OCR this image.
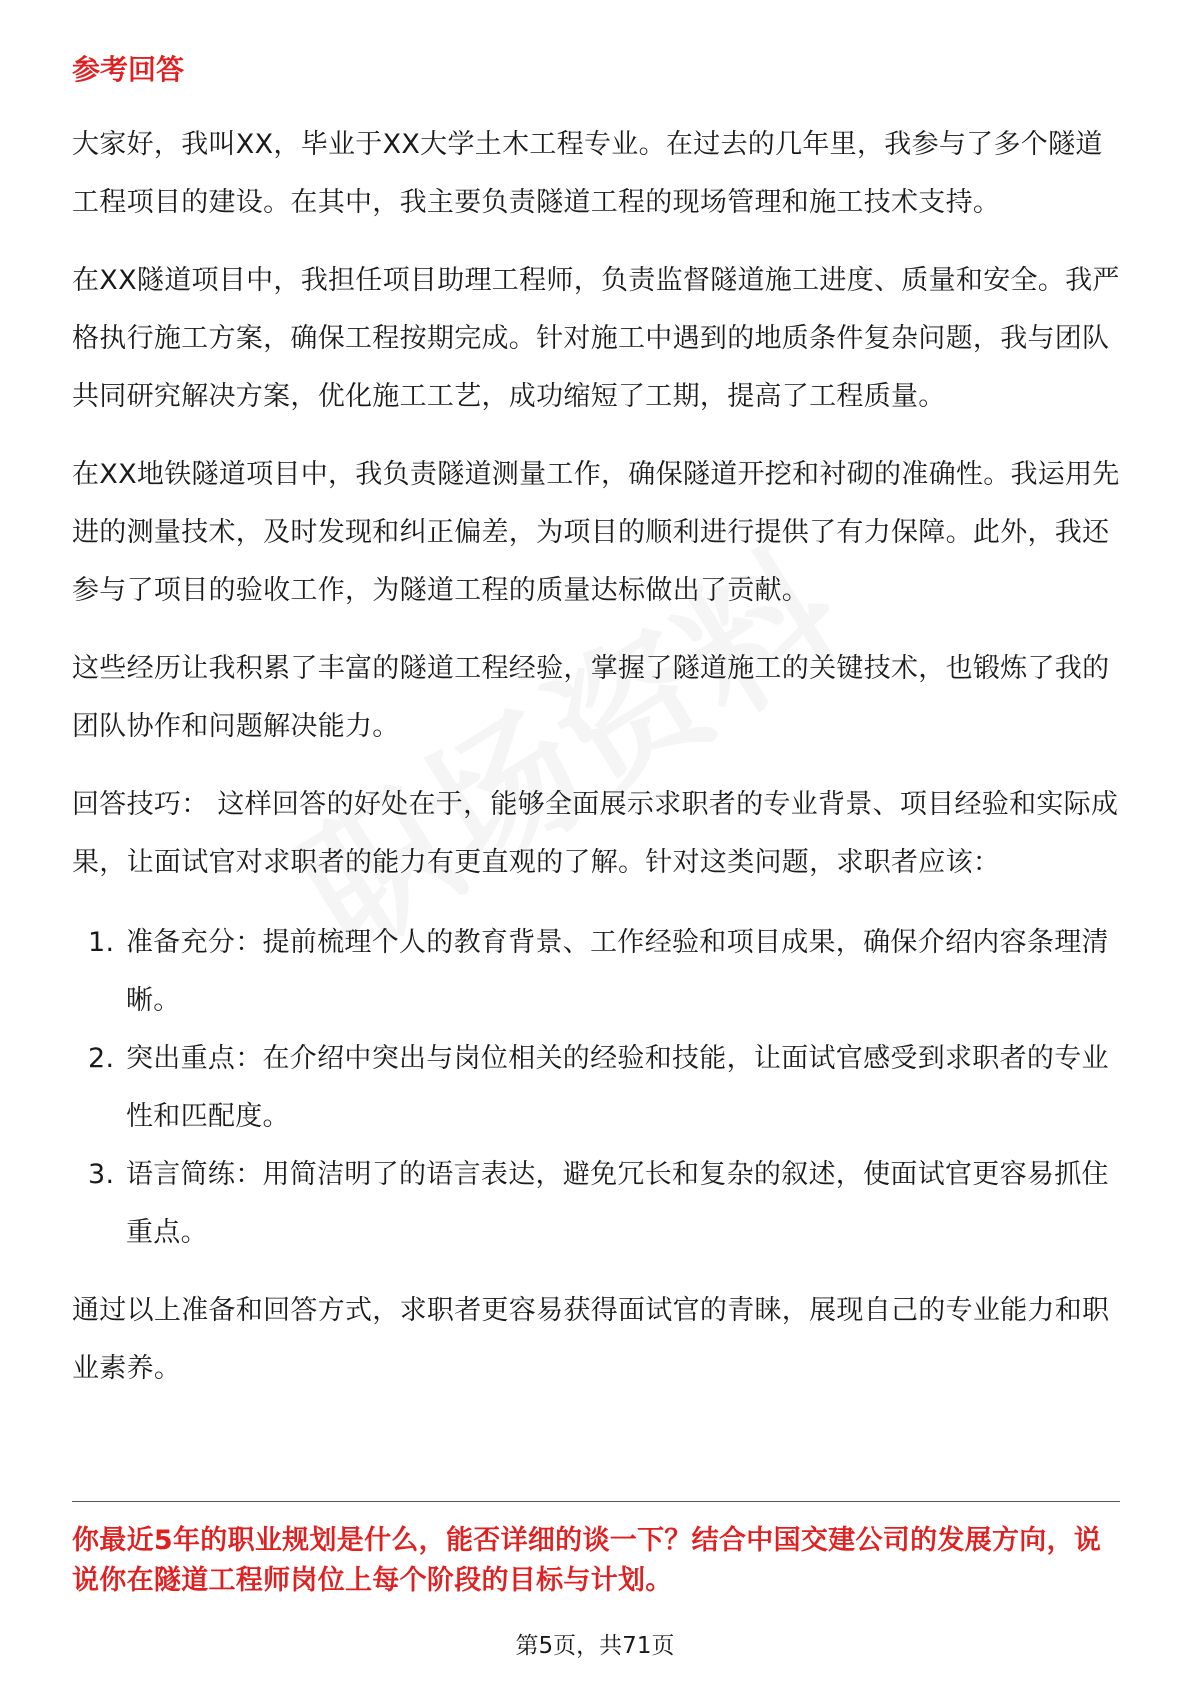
参考回答

大家好，我叫XX，毕业于XX大学土木工程专业。在过去的几年里，我参与了多个隧道工程项目的建设。在其中，我主要负责隧道工程的现场管理和施工技术支持。

在XX隧道项目中，我担任项目助理工程师，负责监督隧道施工进度、质量和安全。我严格执行施工方案，确保工程按期完成。针对施工中遇到的地质条件复杂问题，我与团队共同研究解决方案，优化施工工艺，成功缩短了工期，提高了工程质量。

在XX地铁隧道项目中，我负责隧道测量工作，确保隧道开挖和衬砌的准确性。我运用先进的测量技术，及时发现和纠正偏差，为项目的顺利进行提供了有力保障。此外，我还参与了项目的验收工作，为隧道工程的质量达标做出了贡献。

这些经历让我积累了丰富的隧道工程经验，掌握了隧道施工的关键技术，也锻炼了我的团队协作和问题解决能力。

回答技巧： 这样回答的好处在于，能够全面展示求职者的专业背景、项目经验和实际成果，让面试官对求职者的能力有更直观的了解。针对这类问题，求职者应该：

1. 准备充分：提前梳理个人的教育背景、工作经验和项目成果，确保介绍内容条理清晰。
2. 突出重点：在介绍中突出与岗位相关的经验和技能，让面试官感受到求职者的专业性和匹配度。
3. 语言简练：用简洁明了的语言表达，避免冗长和复杂的叙述，使面试官更容易抓住重点。

通过以上准备和回答方式，求职者更容易获得面试官的青睐，展现自己的专业能力和职业素养。

你最近5年的职业规划是什么，能否详细的谈一下？结合中国交建公司的发展方向，说说你在隧道工程师岗位上每个阶段的目标与计划。
第5页，共71页
